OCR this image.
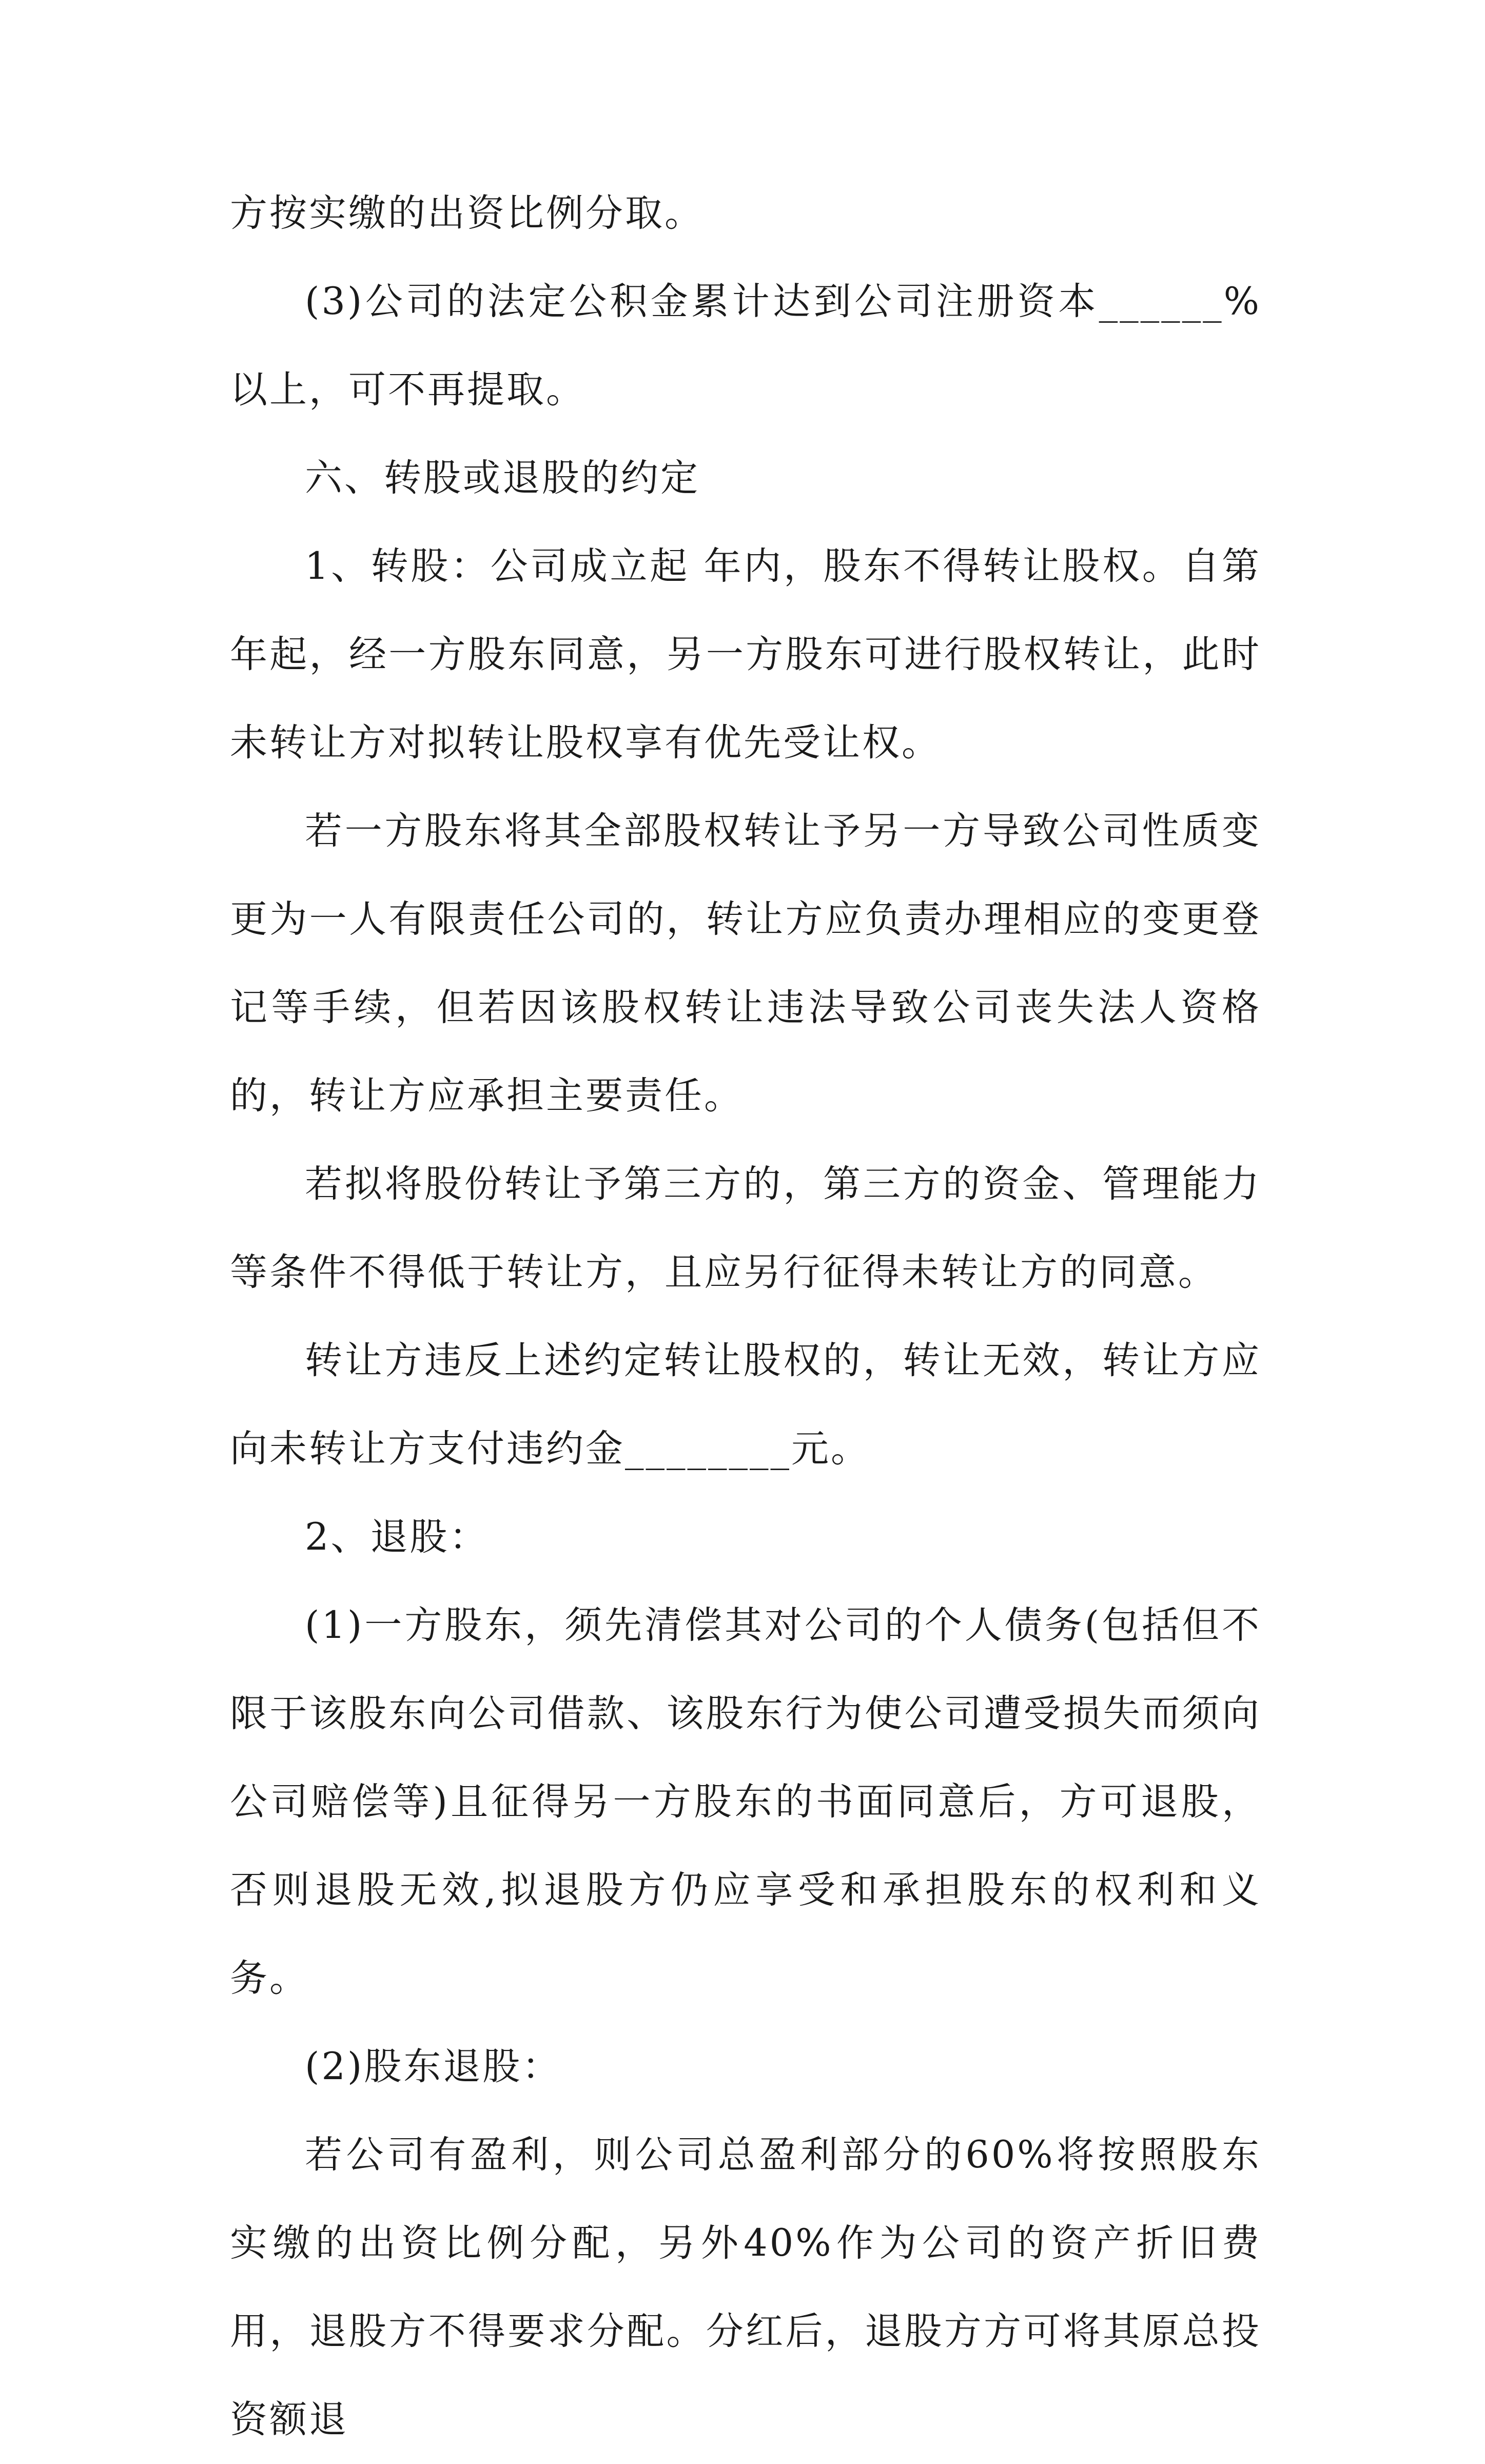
方按实缴的出资比例分取。

(3)公司的法定公积金累计达到公司注册资本______%以上，可不再提取。

六、转股或退股的约定

1、转股：公司成立起 年内，股东不得转让股权。自第 年起，经一方股东同意，另一方股东可进行股权转让，此时未转让方对拟转让股权享有优先受让权。

若一方股东将其全部股权转让予另一方导致公司性质变更为一人有限责任公司的，转让方应负责办理相应的变更登记等手续，但若因该股权转让违法导致公司丧失法人资格的，转让方应承担主要责任。

若拟将股份转让予第三方的，第三方的资金、管理能力等条件不得低于转让方，且应另行征得未转让方的同意。

转让方违反上述约定转让股权的，转让无效，转让方应向未转让方支付违约金________元。

2、退股：

(1)一方股东，须先清偿其对公司的个人债务(包括但不限于该股东向公司借款、该股东行为使公司遭受损失而须向公司赔偿等)且征得另一方股东的书面同意后，方可退股，否则退股无效,拟退股方仍应享受和承担股东的权利和义务。

(2)股东退股：

若公司有盈利，则公司总盈利部分的60%将按照股东实缴的出资比例分配，另外40%作为公司的资产折旧费用，退股方不得要求分配。分红后，退股方方可将其原总投资额退
